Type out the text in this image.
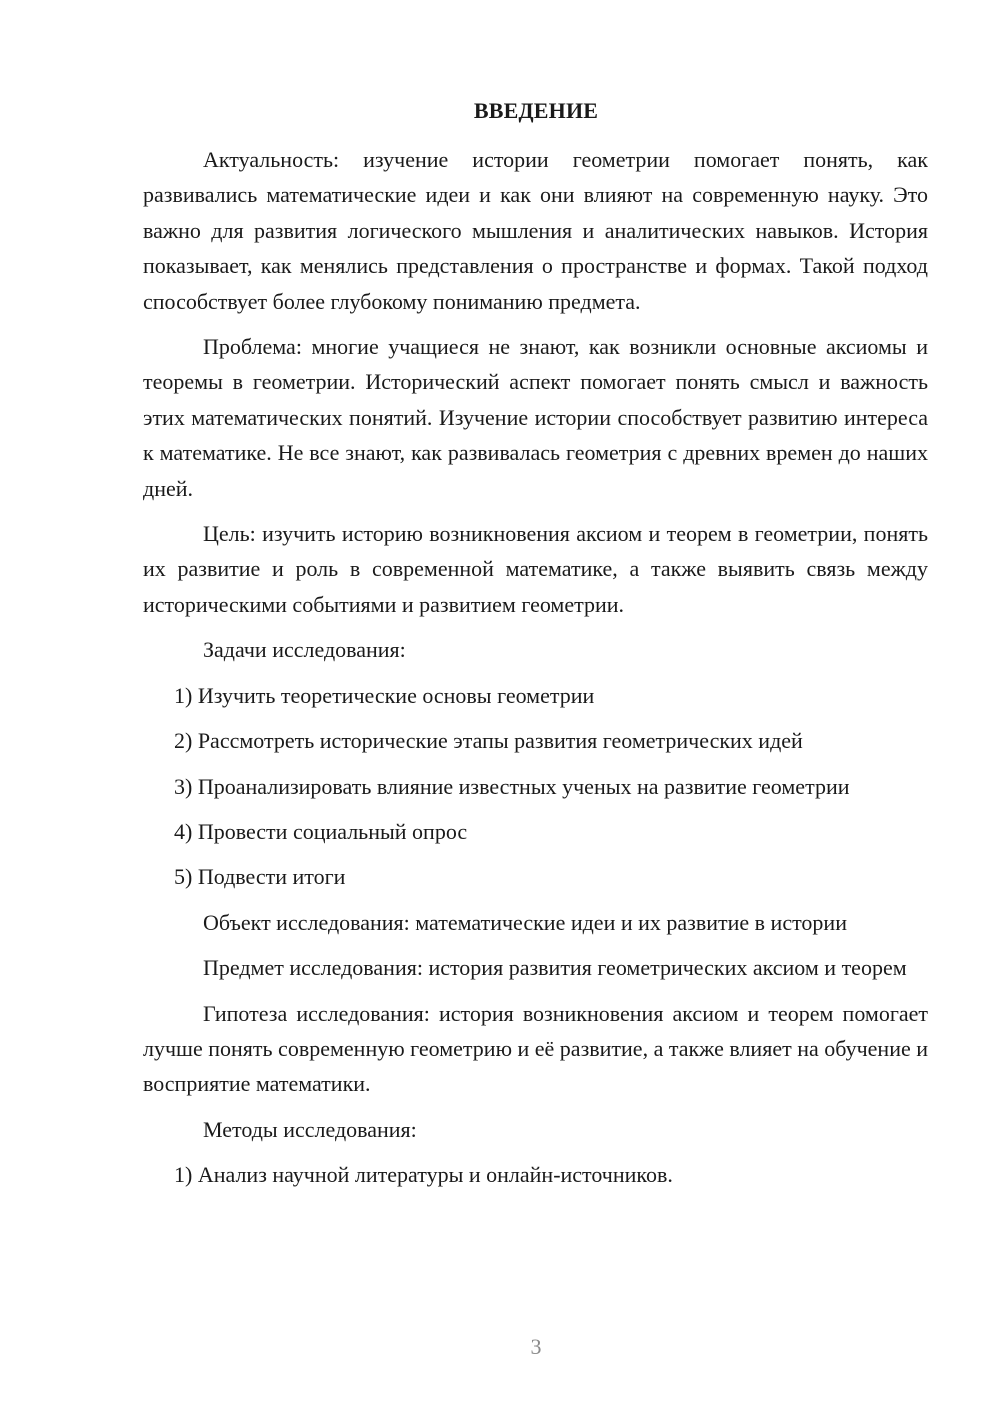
ВВЕДЕНИЕ

Актуальность: изучение истории геометрии помогает понять, как развивались математические идеи и как они влияют на современную науку. Это важно для развития логического мышления и аналитических навыков. История показывает, как менялись представления о пространстве и формах. Такой подход способствует более глубокому пониманию предмета.

Проблема: многие учащиеся не знают, как возникли основные аксиомы и теоремы в геометрии. Исторический аспект помогает понять смысл и важность этих математических понятий. Изучение истории способствует развитию интереса к математике. Не все знают, как развивалась геометрия с древних времен до наших дней.

Цель: изучить историю возникновения аксиом и теорем в геометрии, понять их развитие и роль в современной математике, а также выявить связь между историческими событиями и развитием геометрии.

Задачи исследования:

1) Изучить теоретические основы геометрии

2) Рассмотреть исторические этапы развития геометрических идей

3) Проанализировать влияние известных ученых на развитие геометрии

4) Провести социальный опрос

5) Подвести итоги

Объект исследования: математические идеи и их развитие в истории

Предмет исследования: история развития геометрических аксиом и теорем

Гипотеза исследования: история возникновения аксиом и теорем помогает лучше понять современную геометрию и её развитие, а также влияет на обучение и восприятие математики.

Методы исследования:

1) Анализ научной литературы и онлайн-источников.

3
